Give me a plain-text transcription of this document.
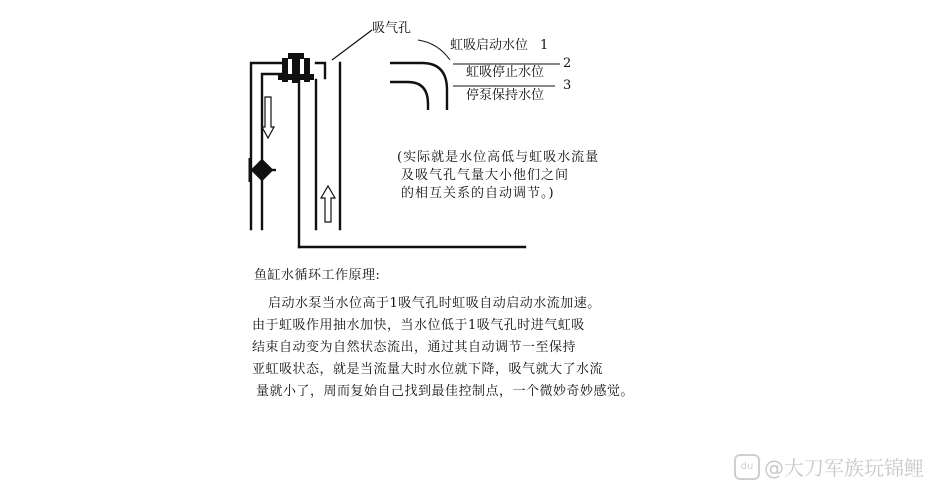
吸气孔
虹吸启动水位 1
虹吸停止水位
2
停泵保持水位
3
(实际就是水位高低与虹吸水流量
及吸气孔气量大小他们之间
的相互关系的自动调节。)
鱼缸水循环工作原理:
启动水泵当水位高于1吸气孔时虹吸自动启动水流加速。
由于虹吸作用抽水加快，当水位低于1吸气孔时进气虹吸
结束自动变为自然状态流出，通过其自动调节一至保持
亚虹吸状态，就是当流量大时水位就下降，吸气就大了水流
量就小了，周而复始自己找到最佳控制点，一个微妙奇妙感觉。
du @大刀军族玩锦鲤
